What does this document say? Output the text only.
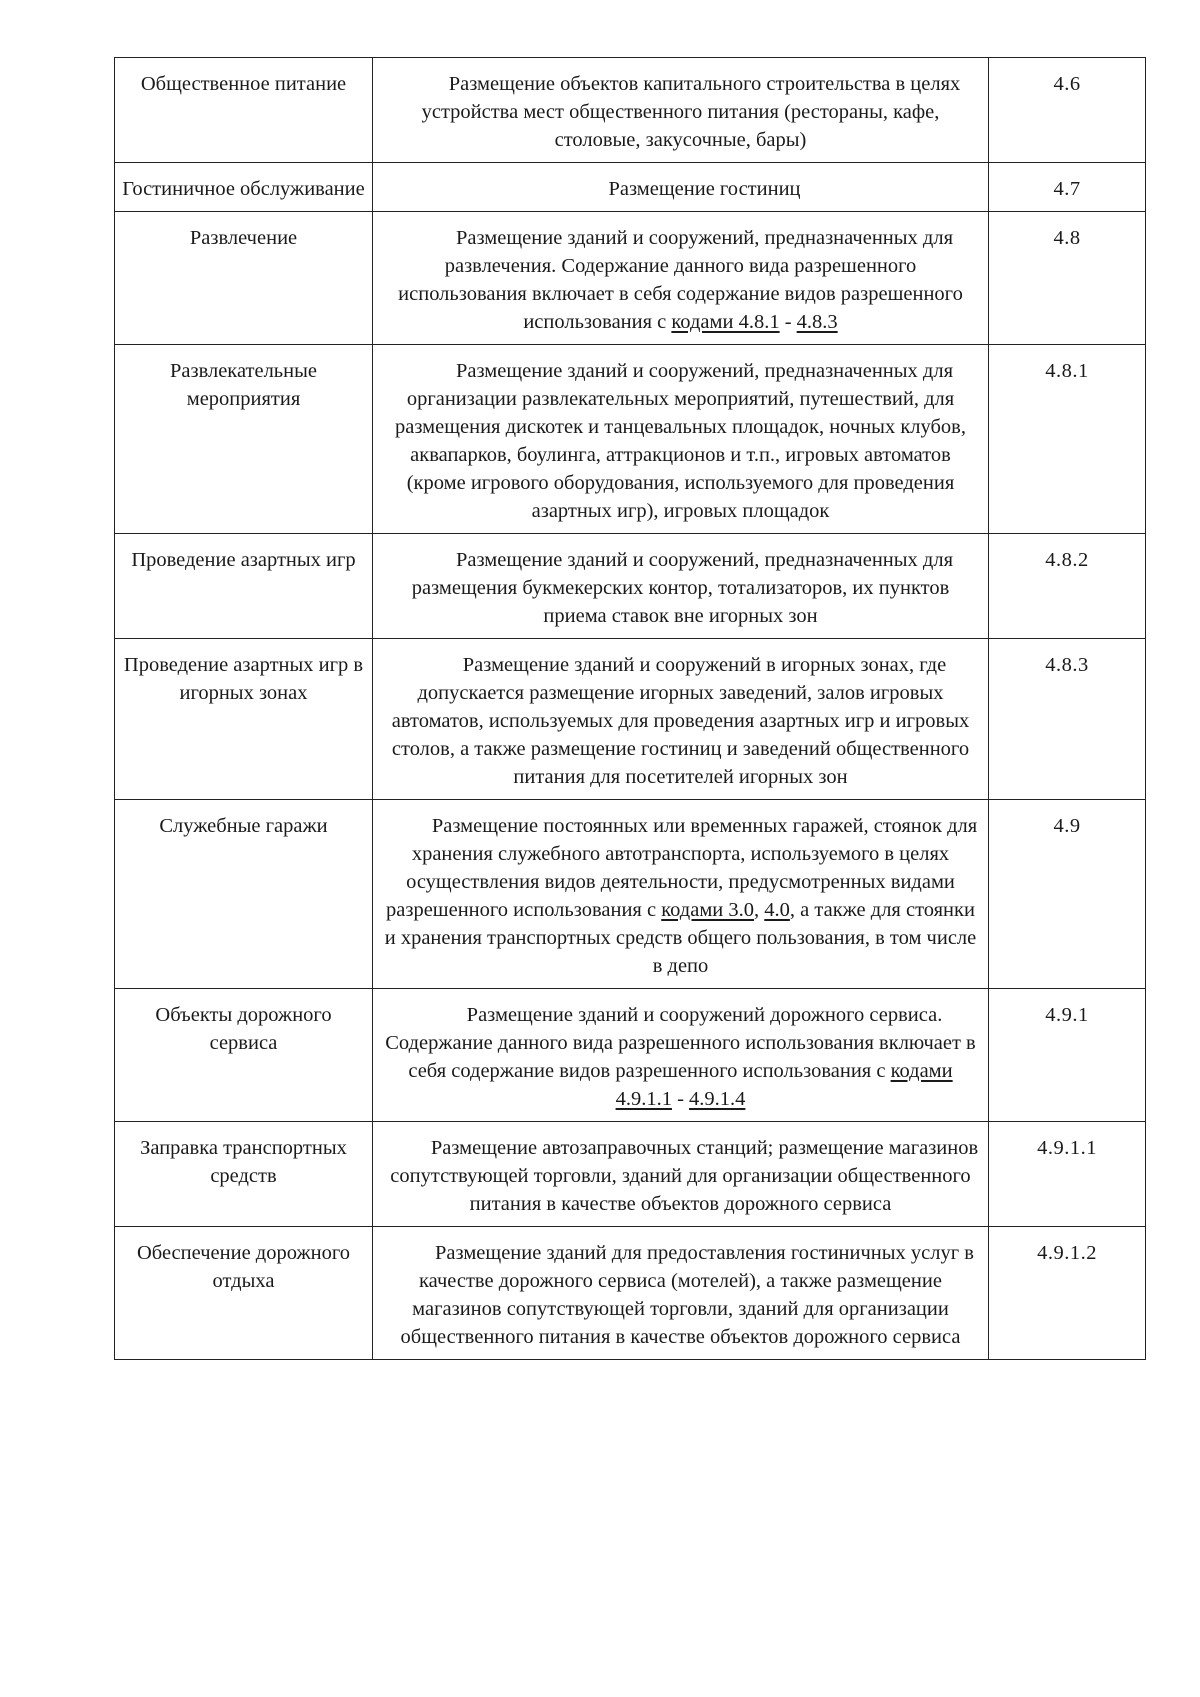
Общественное питание	Размещение объектов капитального строительства в целях устройства мест общественного питания (рестораны, кафе, столовые, закусочные, бары)	4.6
Гостиничное обслуживание	Размещение гостиниц	4.7
Развлечение	Размещение зданий и сооружений, предназначенных для развлечения. Содержание данного вида разрешенного использования включает в себя содержание видов разрешенного использования с кодами 4.8.1 - 4.8.3	4.8
Развлекательные мероприятия	Размещение зданий и сооружений, предназначенных для организации развлекательных мероприятий, путешествий, для размещения дискотек и танцевальных площадок, ночных клубов, аквапарков, боулинга, аттракционов и т.п., игровых автоматов (кроме игрового оборудования, используемого для проведения азартных игр), игровых площадок	4.8.1
Проведение азартных игр	Размещение зданий и сооружений, предназначенных для размещения букмекерских контор, тотализаторов, их пунктов приема ставок вне игорных зон	4.8.2
Проведение азартных игр в игорных зонах	Размещение зданий и сооружений в игорных зонах, где допускается размещение игорных заведений, залов игровых автоматов, используемых для проведения азартных игр и игровых столов, а также размещение гостиниц и заведений общественного питания для посетителей игорных зон	4.8.3
Служебные гаражи	Размещение постоянных или временных гаражей, стоянок для хранения служебного автотранспорта, используемого в целях осуществления видов деятельности, предусмотренных видами разрешенного использования с кодами 3.0, 4.0, а также для стоянки и хранения транспортных средств общего пользования, в том числе в депо	4.9
Объекты дорожного сервиса	Размещение зданий и сооружений дорожного сервиса. Содержание данного вида разрешенного использования включает в себя содержание видов разрешенного использования с кодами 4.9.1.1 - 4.9.1.4	4.9.1
Заправка транспортных средств	Размещение автозаправочных станций; размещение магазинов сопутствующей торговли, зданий для организации общественного питания в качестве объектов дорожного сервиса	4.9.1.1
Обеспечение дорожного отдыха	Размещение зданий для предоставления гостиничных услуг в качестве дорожного сервиса (мотелей), а также размещение магазинов сопутствующей торговли, зданий для организации общественного питания в качестве объектов дорожного сервиса	4.9.1.2
